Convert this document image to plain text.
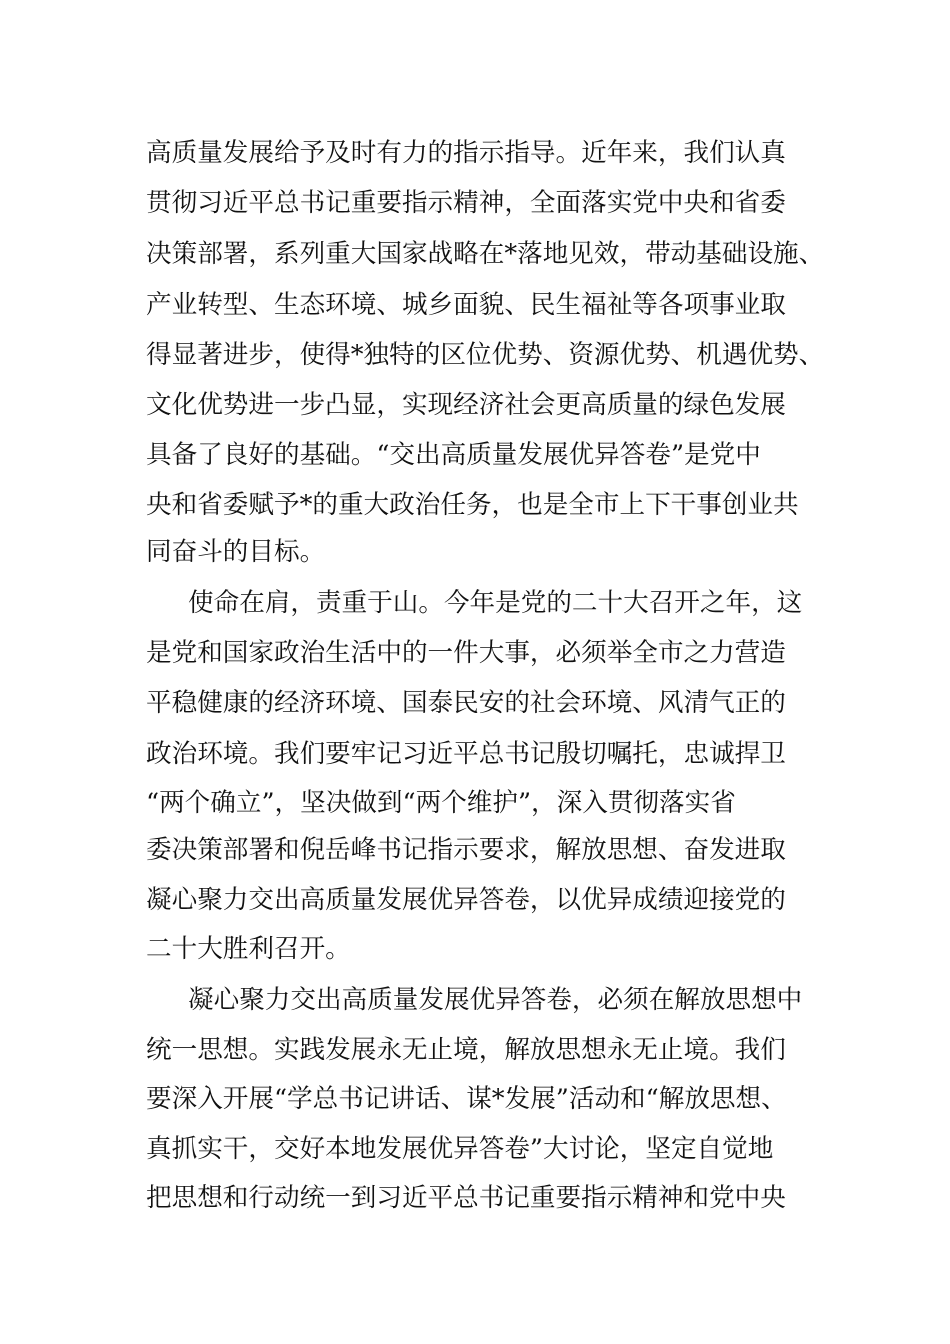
高质量发展给予及时有力的指示指导。近年来，我们认真

贯彻习近平总书记重要指示精神，全面落实党中央和省委

决策部署，系列重大国家战略在*落地见效，带动基础设施、

产业转型、生态环境、城乡面貌、民生福祉等各项事业取

得显著进步，使得*独特的区位优势、资源优势、机遇优势、

文化优势进一步凸显，实现经济社会更高质量的绿色发展

具备了良好的基础。“交出高质量发展优异答卷”是党中

央和省委赋予*的重大政治任务，也是全市上下干事创业共

同奋斗的目标。

使命在肩，责重于山。今年是党的二十大召开之年，这

是党和国家政治生活中的一件大事，必须举全市之力营造

平稳健康的经济环境、国泰民安的社会环境、风清气正的

政治环境。我们要牢记习近平总书记殷切嘱托，忠诚捍卫

“两个确立”，坚决做到“两个维护”，深入贯彻落实省

委决策部署和倪岳峰书记指示要求，解放思想、奋发进取

凝心聚力交出高质量发展优异答卷，以优异成绩迎接党的

二十大胜利召开。

凝心聚力交出高质量发展优异答卷，必须在解放思想中

统一思想。实践发展永无止境，解放思想永无止境。我们

要深入开展“学总书记讲话、谋*发展”活动和“解放思想、

真抓实干，交好本地发展优异答卷”大讨论，坚定自觉地

把思想和行动统一到习近平总书记重要指示精神和党中央
